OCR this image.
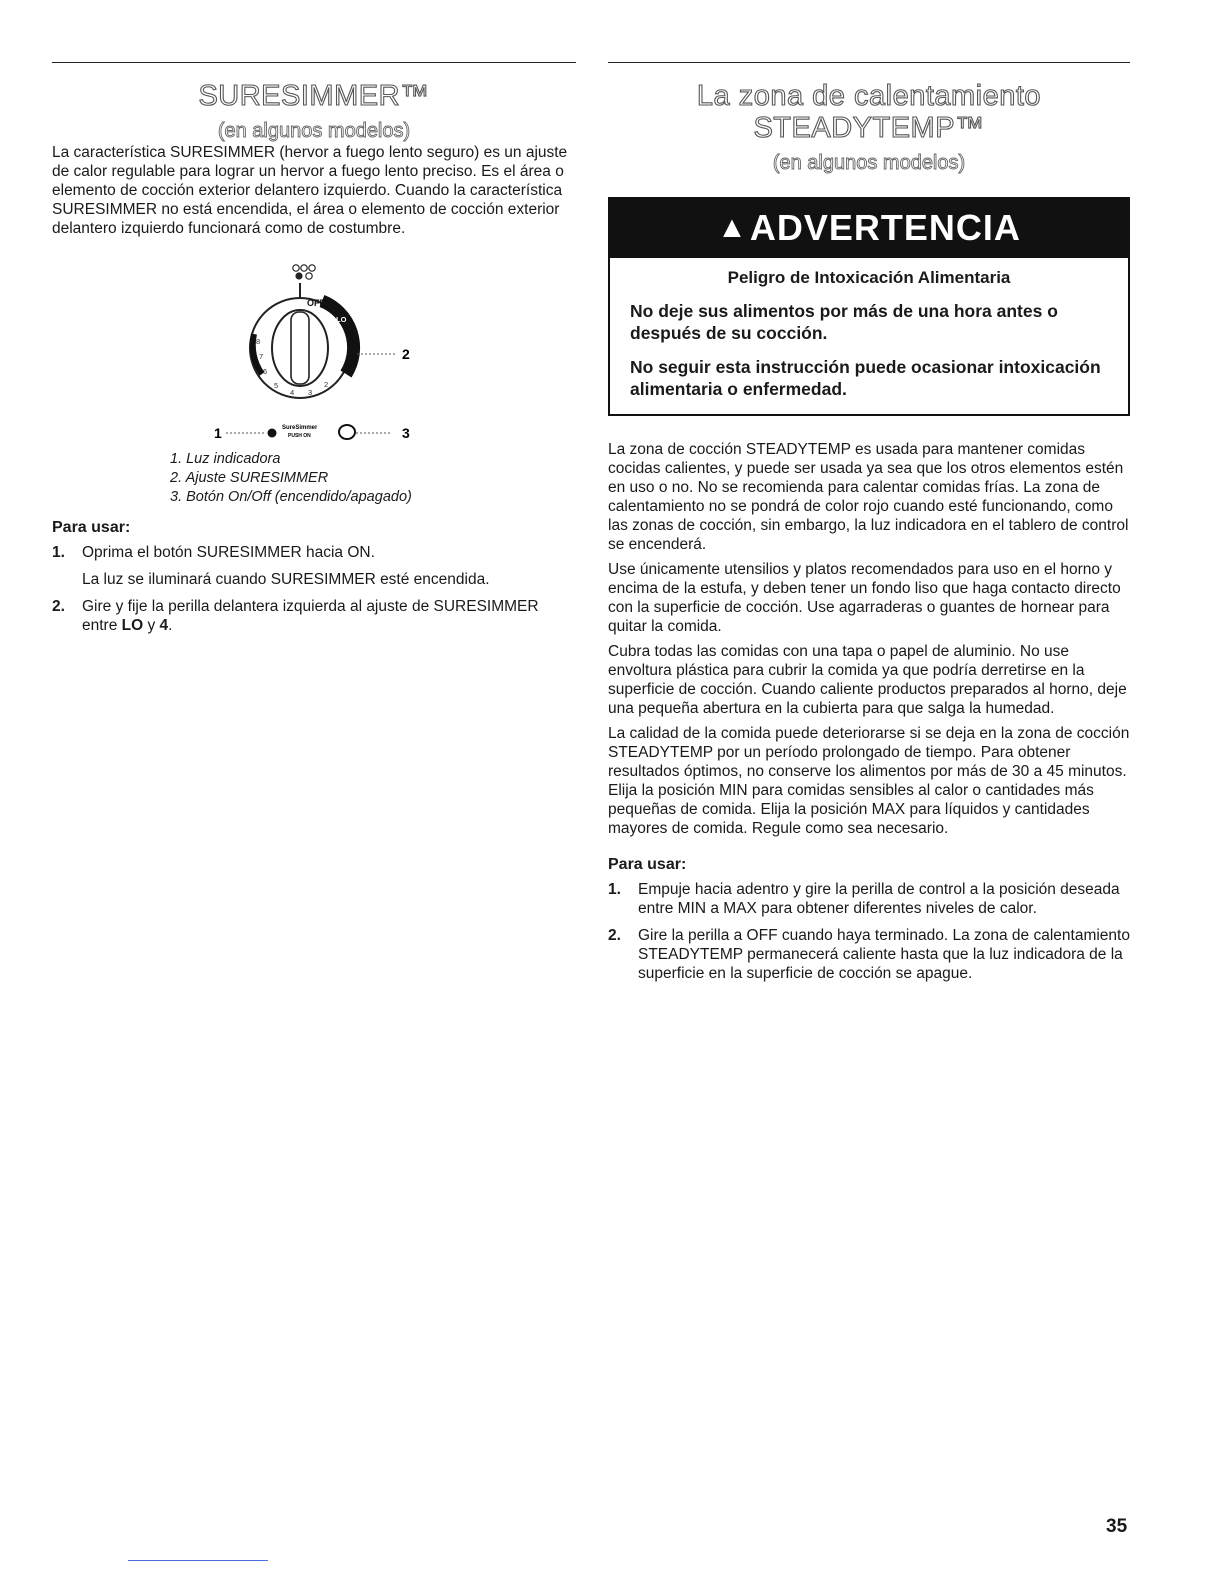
SURESIMMER™
(en algunos modelos)

La característica SURESIMMER (hervor a fuego lento seguro) es un ajuste de calor regulable para lograr un hervor a fuego lento preciso. Es el área o elemento de cocción exterior delantero izquierdo. Cuando la característica SURESIMMER no está encendida, el área o elemento de cocción exterior delantero izquierdo funcionará como de costumbre.

OFF
7
6
5
4 3
2
1
8
9
LO
2
1	SureSimmer
PUSH ON	3
1. Luz indicadora
2. Ajuste SURESIMMER
3. Botón On/Off (encendido/apagado)
Para usar:
1. Oprima el botón SURESIMMER hacia ON.
La luz se iluminará cuando SURESIMMER esté encendida.
2. Gire y fije la perilla delantera izquierda al ajuste de SURESIMMER entre LO y 4.
La zona de calentamiento
STEADYTEMP™
(en algunos modelos)
▲ADVERTENCIA
Peligro de Intoxicación Alimentaria

No deje sus alimentos por más de una hora antes o después de su cocción.

No seguir esta instrucción puede ocasionar intoxicación alimentaria o enfermedad.

La zona de cocción STEADYTEMP es usada para mantener comidas cocidas calientes, y puede ser usada ya sea que los otros elementos estén en uso o no. No se recomienda para calentar comidas frías. La zona de calentamiento no se pondrá de color rojo cuando esté funcionando, como las zonas de cocción, sin embargo, la luz indicadora en el tablero de control se encenderá.

Use únicamente utensilios y platos recomendados para uso en el horno y encima de la estufa, y deben tener un fondo liso que haga contacto directo con la superficie de cocción. Use agarraderas o guantes de hornear para quitar la comida.

Cubra todas las comidas con una tapa o papel de aluminio. No use envoltura plástica para cubrir la comida ya que podría derretirse en la superficie de cocción. Cuando caliente productos preparados al horno, deje una pequeña abertura en la cubierta para que salga la humedad.

La calidad de la comida puede deteriorarse si se deja en la zona de cocción STEADYTEMP por un período prolongado de tiempo. Para obtener resultados óptimos, no conserve los alimentos por más de 30 a 45 minutos. Elija la posición MIN para comidas sensibles al calor o cantidades más pequeñas de comida. Elija la posición MAX para líquidos y cantidades mayores de comida. Regule como sea necesario.

Para usar:
1. Empuje hacia adentro y gire la perilla de control a la posición deseada entre MIN a MAX para obtener diferentes niveles de calor.
2. Gire la perilla a OFF cuando haya terminado. La zona de calentamiento STEADYTEMP permanecerá caliente hasta que la luz indicadora de la superficie en la superficie de cocción se apague.
35
